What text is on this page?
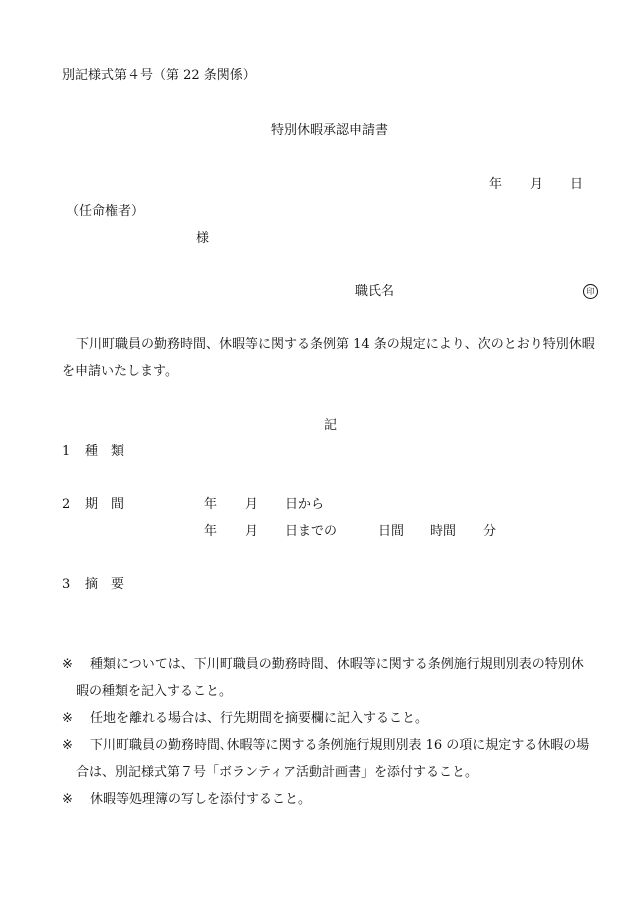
別記様式第４号（第 22 条関係）
特別休暇承認申請書
年 月 日
（任命権者）
様
職氏名	印
下川町職員の勤務時間、休暇等に関する条例第 14 条の規定により、次のとおり特別休暇
を申請いたします。
記
1 種　類
2 期　間	年 月 日から
年 月 日までの	日間 時間 分
3 摘　要
※ 種類については、下川町職員の勤務時間、休暇等に関する条例施行規則別表の特別休
暇の種類を記入すること。
※ 任地を離れる場合は、行先期間を摘要欄に記入すること。
※ 下川町職員の勤務時間､休暇等に関する条例施行規則別表 16 の項に規定する休暇の場
合は、別記様式第７号「ボランティア活動計画書」を添付すること。
※ 休暇等処理簿の写しを添付すること。
